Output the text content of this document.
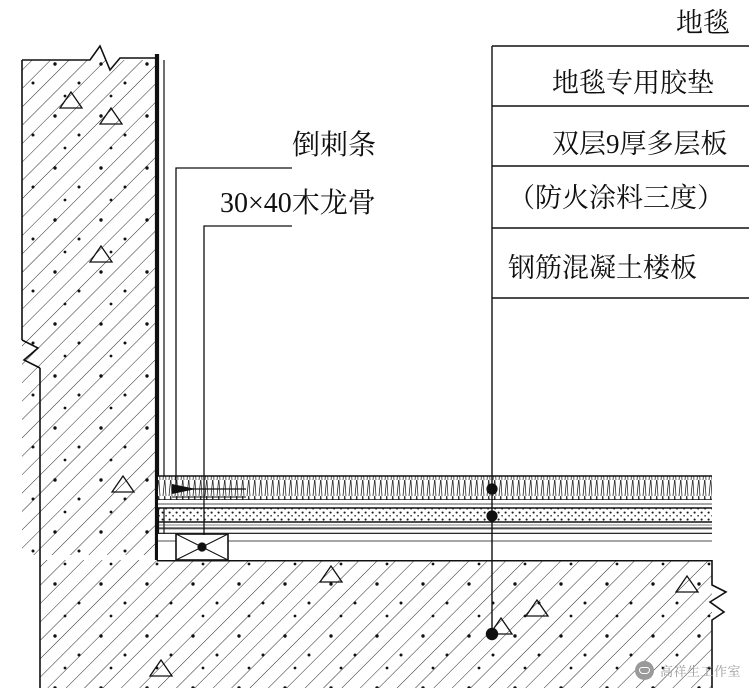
地毯
地毯专用胶垫
双层9厚多层板
（防火涂料三度）
钢筋混凝土楼板
倒刺条
30×40木龙骨
高祥生工作室
